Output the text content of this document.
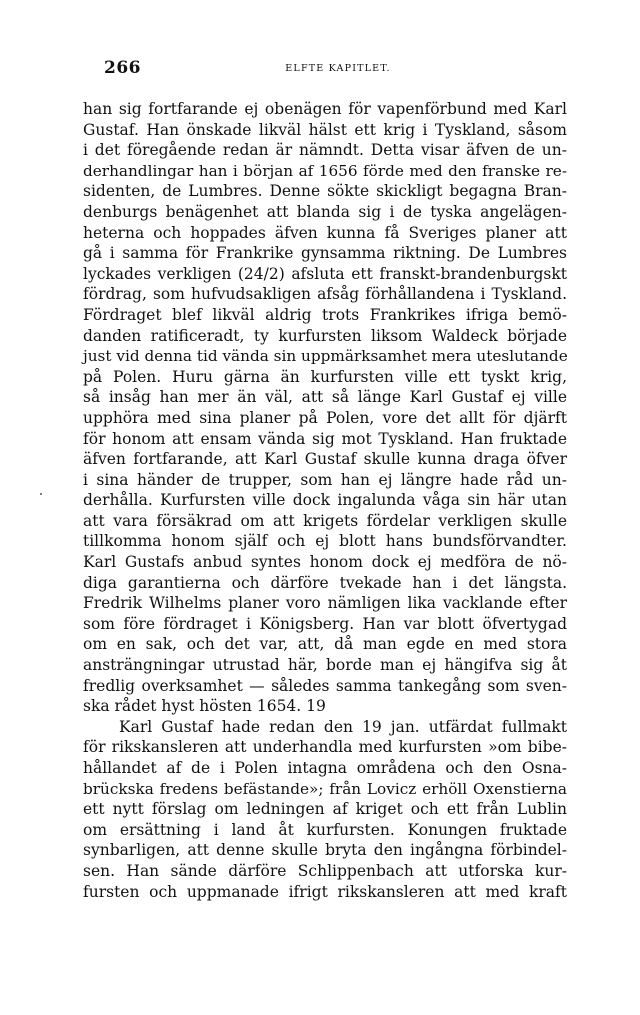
266	ELFTE KAPITLET.
han sig fortfarande ej obenägen för vapenförbund med Karl
Gustaf. Han önskade likväl hälst ett krig i Tyskland, såsom
i det föregående redan är nämndt. Detta visar äfven de un-
derhandlingar han i början af 1656 förde med den franske re-
sidenten, de Lumbres. Denne sökte skickligt begagna Bran-
denburgs benägenhet att blanda sig i de tyska angelägen-
heterna och hoppades äfven kunna få Sveriges planer att
gå i samma för Frankrike gynsamma riktning. De Lumbres
lyckades verkligen (24/2) afsluta ett franskt-brandenburgskt
fördrag, som hufvudsakligen afsåg förhållandena i Tyskland.
Fördraget blef likväl aldrig trots Frankrikes ifriga bemö-
danden ratificeradt, ty kurfursten liksom Waldeck började
just vid denna tid vända sin uppmärksamhet mera uteslutande
på Polen. Huru gärna än kurfursten ville ett tyskt krig,
så insåg han mer än väl, att så länge Karl Gustaf ej ville
upphöra med sina planer på Polen, vore det allt för djärft
för honom att ensam vända sig mot Tyskland. Han fruktade
äfven fortfarande, att Karl Gustaf skulle kunna draga öfver
i sina händer de trupper, som han ej längre hade råd un-
derhålla. Kurfursten ville dock ingalunda våga sin här utan
att vara försäkrad om att krigets fördelar verkligen skulle
tillkomma honom själf och ej blott hans bundsförvandter.
Karl Gustafs anbud syntes honom dock ej medföra de nö-
diga garantierna och därföre tvekade han i det längsta.
Fredrik Wilhelms planer voro nämligen lika vacklande efter
som före fördraget i Königsberg. Han var blott öfvertygad
om en sak, och det var, att, då man egde en med stora
ansträngningar utrustad här, borde man ej hängifva sig åt
fredlig overksamhet — således samma tankegång som sven-
ska rådet hyst hösten 1654. 19
Karl Gustaf hade redan den 19 jan. utfärdat fullmakt
för rikskansleren att underhandla med kurfursten »om bibe-
hållandet af de i Polen intagna områdena och den Osna-
brückska fredens befästande»; från Lovicz erhöll Oxenstierna
ett nytt förslag om ledningen af kriget och ett från Lublin
om ersättning i land åt kurfursten. Konungen fruktade
synbarligen, att denne skulle bryta den ingångna förbindel-
sen. Han sände därföre Schlippenbach att utforska kur-
fursten och uppmanade ifrigt rikskansleren att med kraft
